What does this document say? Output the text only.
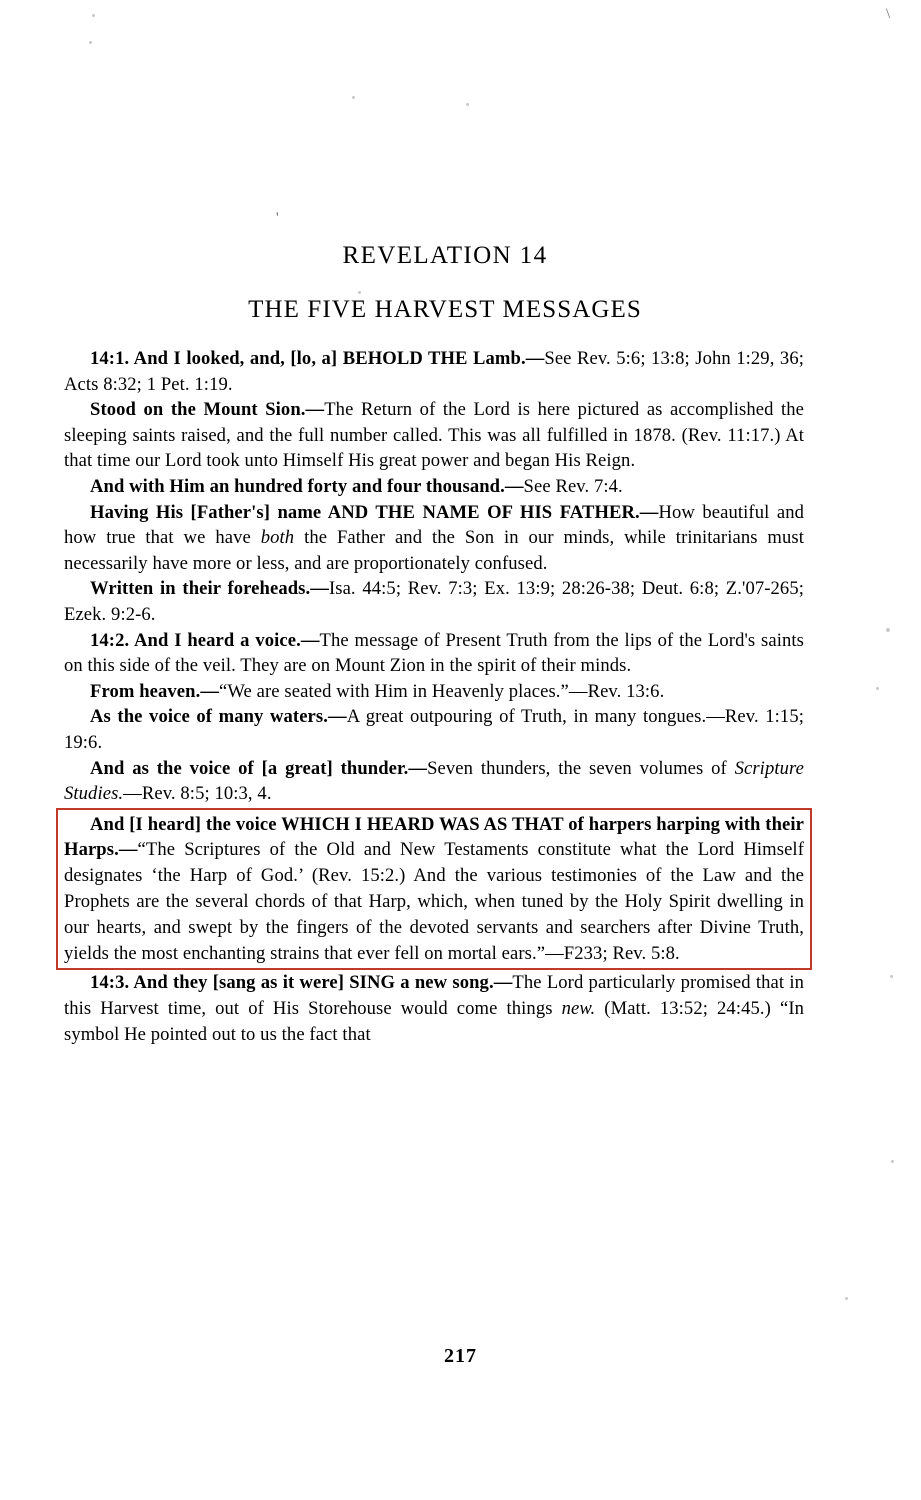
\
'
REVELATION 14
THE FIVE HARVEST MESSAGES

14:1. And I looked, and, [lo, a] BEHOLD THE Lamb.—See Rev. 5:6; 13:8; John 1:29, 36; Acts 8:32; 1 Pet. 1:19.

Stood on the Mount Sion.—The Return of the Lord is here pictured as accomplished the sleeping saints raised, and the full number called. This was all fulfilled in 1878. (Rev. 11:17.) At that time our Lord took unto Himself His great power and began His Reign.

And with Him an hundred forty and four thousand.—See Rev. 7:4.

Having His [Father's] name AND THE NAME OF HIS FATHER.—How beautiful and how true that we have both the Father and the Son in our minds, while trinitarians must necessarily have more or less, and are proportionately confused.

Written in their foreheads.—Isa. 44:5; Rev. 7:3; Ex. 13:9; 28:26-38; Deut. 6:8; Z.'07-265; Ezek. 9:2-6.

14:2. And I heard a voice.—The message of Present Truth from the lips of the Lord's saints on this side of the veil. They are on Mount Zion in the spirit of their minds.

From heaven.—“We are seated with Him in Heavenly places.”—Rev. 13:6.

As the voice of many waters.—A great outpouring of Truth, in many tongues.—Rev. 1:15; 19:6.

And as the voice of [a great] thunder.—Seven thunders, the seven volumes of Scripture Studies.—Rev. 8:5; 10:3, 4.

And [I heard] the voice WHICH I HEARD WAS AS THAT of harpers harping with their Harps.—“The Scriptures of the Old and New Testaments constitute what the Lord Himself designates ‘the Harp of God.’ (Rev. 15:2.) And the various testimonies of the Law and the Prophets are the several chords of that Harp, which, when tuned by the Holy Spirit dwelling in our hearts, and swept by the fingers of the devoted servants and searchers after Divine Truth, yields the most enchanting strains that ever fell on mortal ears.”—F233; Rev. 5:8.

14:3. And they [sang as it were] SING a new song.—The Lord particularly promised that in this Harvest time, out of His Storehouse would come things new. (Matt. 13:52; 24:45.) “In symbol He pointed out to us the fact that

217
